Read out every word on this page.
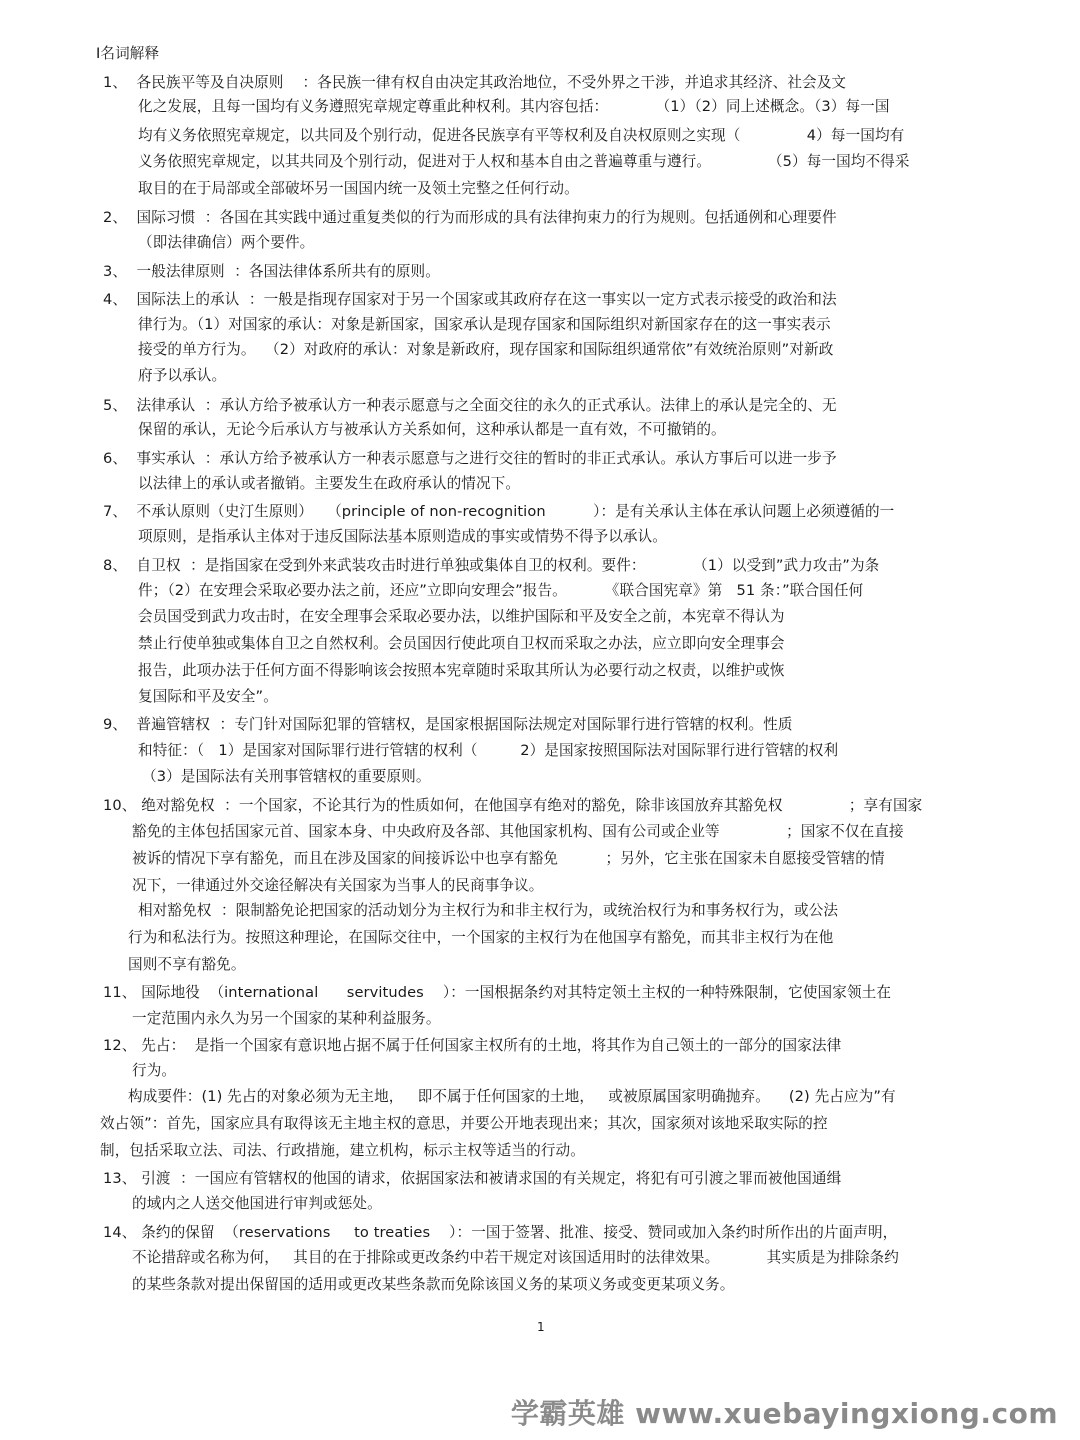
Ⅰ名词解释
1、  各民族平等及自决原则    ：各民族一律有权自由决定其政治地位，不受外界之干涉，并追求其经济、社会及文
化之发展，且每一国均有义务遵照宪章规定尊重此种权利。其内容包括：          （1）（2）同上述概念。（3）每一国
均有义务依照宪章规定，以共同及个别行动，促进各民族享有平等权利及自决权原则之实现（              4）每一国均有
义务依照宪章规定，以其共同及个别行动，促进对于人权和基本自由之普遍尊重与遵行。            （5）每一国均不得采
取目的在于局部或全部破坏另一国国内统一及领土完整之任何行动。
2、  国际习惯  ：各国在其实践中通过重复类似的行为而形成的具有法律拘束力的行为规则。包括通例和心理要件
（即法律确信）两个要件。
3、  一般法律原则  ：各国法律体系所共有的原则。
4、  国际法上的承认  ：一般是指现存国家对于另一个国家或其政府存在这一事实以一定方式表示接受的政治和法
律行为。（1）对国家的承认：对象是新国家，国家承认是现存国家和国际组织对新国家存在的这一事实表示
接受的单方行为。  （2）对政府的承认：对象是新政府，现存国家和国际组织通常依”有效统治原则”对新政
府予以承认。
5、  法律承认  ：承认方给予被承认方一种表示愿意与之全面交往的永久的正式承认。法律上的承认是完全的、无
保留的承认，无论今后承认方与被承认方关系如何，这种承认都是一直有效，不可撤销的。
6、  事实承认  ：承认方给予被承认方一种表示愿意与之进行交往的暂时的非正式承认。承认方事后可以进一步予
以法律上的承认或者撤销。主要发生在政府承认的情况下。
7、  不承认原则（史汀生原则）   （principle of non-recognition          ）：是有关承认主体在承认问题上必须遵循的一
项原则，是指承认主体对于违反国际法基本原则造成的事实或情势不得予以承认。
8、  自卫权  ：是指国家在受到外来武装攻击时进行单独或集体自卫的权利。要件：          （1）以受到”武力攻击”为条
件；（2）在安理会采取必要办法之前，还应”立即向安理会”报告。        《联合国宪章》第   51 条：”联合国任何
会员国受到武力攻击时，在安全理事会采取必要办法，以维护国际和平及安全之前，本宪章不得认为
禁止行使单独或集体自卫之自然权利。会员国因行使此项自卫权而采取之办法，应立即向安全理事会
报告，此项办法于任何方面不得影响该会按照本宪章随时采取其所认为必要行动之权责，以维护或恢
复国际和平及安全”。
9、  普遍管辖权  ：专门针对国际犯罪的管辖权，是国家根据国际法规定对国际罪行进行管辖的权利。性质
和特征：（   1）是国家对国际罪行进行管辖的权利（         2）是国家按照国际法对国际罪行进行管辖的权利
（3）是国际法有关刑事管辖权的重要原则。
10、 绝对豁免权  ：一个国家，不论其行为的性质如何，在他国享有绝对的豁免，除非该国放弃其豁免权              ；享有国家
豁免的主体包括国家元首、国家本身、中央政府及各部、其他国家机构、国有公司或企业等              ；国家不仅在直接
被诉的情况下享有豁免，而且在涉及国家的间接诉讼中也享有豁免          ；另外，它主张在国家未自愿接受管辖的情
况下，一律通过外交途径解决有关国家为当事人的民商事争议。
相对豁免权  ：限制豁免论把国家的活动划分为主权行为和非主权行为，或统治权行为和事务权行为，或公法
行为和私法行为。按照这种理论，在国际交往中，一个国家的主权行为在他国享有豁免，而其非主权行为在他
国则不享有豁免。
11、 国际地役  （international      servitudes    ）：一国根据条约对其特定领土主权的一种特殊限制，它使国家领土在
一定范围内永久为另一个国家的某种利益服务。
12、 先占：  是指一个国家有意识地占据不属于任何国家主权所有的土地，将其作为自己领土的一部分的国家法律
行为。
构成要件：(1) 先占的对象必须为无主地，   即不属于任何国家的土地，   或被原属国家明确抛弃。    (2) 先占应为”有
效占领”：首先，国家应具有取得该无主地主权的意思，并要公开地表现出来；其次，国家须对该地采取实际的控
制，包括采取立法、司法、行政措施，建立机构，标示主权等适当的行动。
13、 引渡  ：一国应有管辖权的他国的请求，依据国家法和被请求国的有关规定，将犯有可引渡之罪而被他国通缉
的域内之人送交他国进行审判或惩处。
14、 条约的保留  （reservations     to treaties    ）：一国于签署、批准、接受、赞同或加入条约时所作出的片面声明，
不论措辞或名称为何，   其目的在于排除或更改条约中若干规定对该国适用时的法律效果。          其实质是为排除条约
的某些条款对提出保留国的适用或更改某些条款而免除该国义务的某项义务或变更某项义务。
1
学霸英雄 www.xuebayingxiong.com
